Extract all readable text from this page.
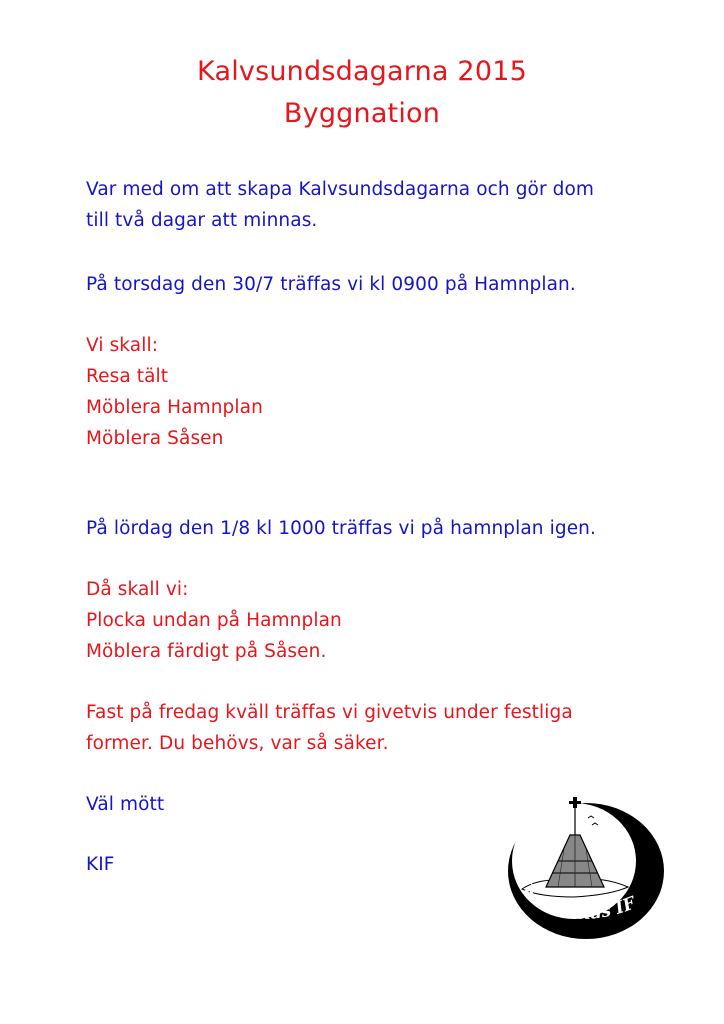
Kalvsundsdagarna 2015
Byggnation
Var med om att skapa Kalvsundsdagarna och gör dom
till två dagar att minnas.
På torsdag den 30/7 träffas vi kl 0900 på Hamnplan.
Vi skall:
Resa tält
Möblera Hamnplan
Möblera Såsen
På lördag den 1/8 kl 1000 träffas vi på hamnplan igen.
Då skall vi:
Plocka undan på Hamnplan
Möblera färdigt på Såsen.
Fast på fredag kväll träffas vi givetvis under festliga
former. Du behövs, var så säker.
Väl mött
KIF
Kalvsunds IF
